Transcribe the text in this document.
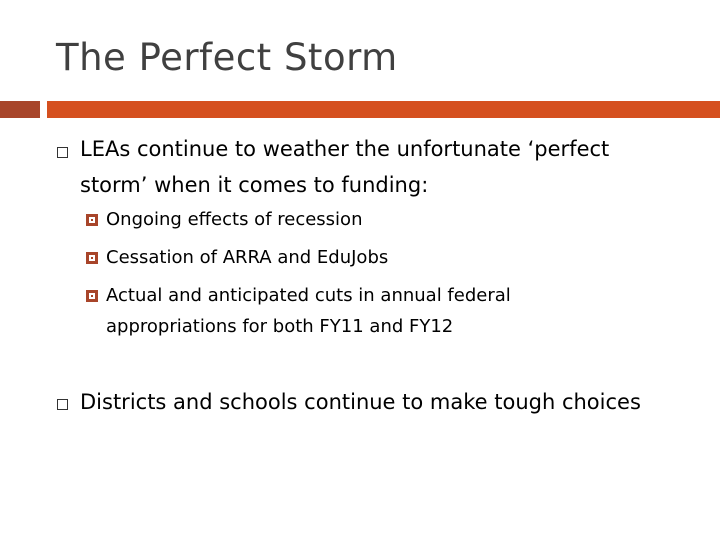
The Perfect Storm
LEAs continue to weather the unfortunate ‘perfect
storm’ when it comes to funding:
Ongoing effects of recession
Cessation of ARRA and EduJobs
Actual and anticipated cuts in annual federal
appropriations for both FY11 and FY12
Districts and schools continue to make tough choices
